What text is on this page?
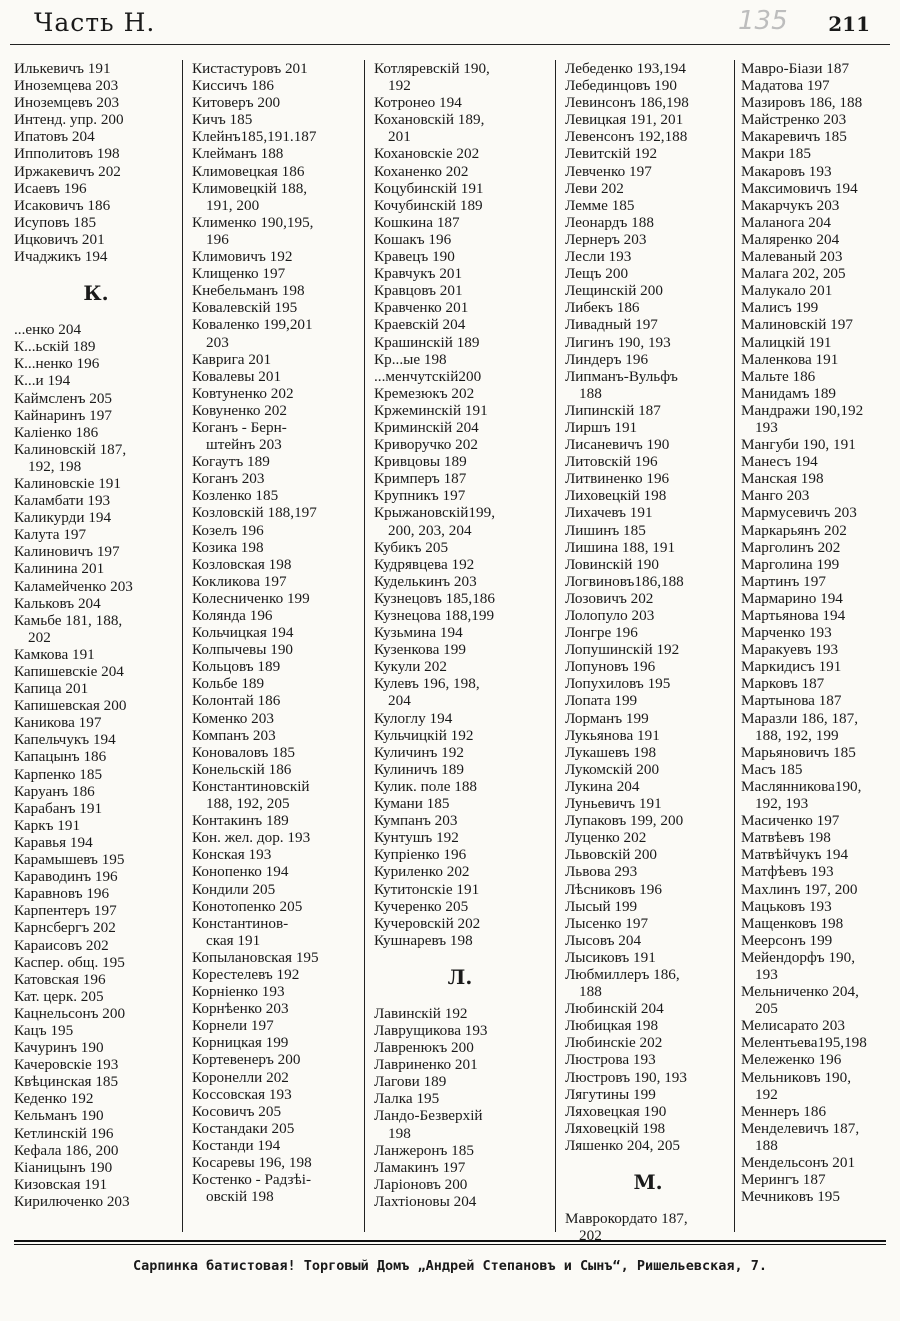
Часть Н.	135 211
Илькевичъ 191
Иноземцева 203
Иноземцевъ 203
Интенд. упр. 200
Ипатовъ 204
Ипполитовъ 198
Иржакевичъ 202
Исаевъ 196
Исаковичъ 186
Исуповъ 185
Ицковичъ 201
Ичаджикъ 194
К.
...енко 204
К...ьскій 189
К...ненко 196
К...и 194
Каймсленъ 205
Кайнаринъ 197
Каліенко 186
Калиновскій 187,
192, 198
Калиновскіе 191
Каламбати 193
Каликурди 194
Калута 197
Калиновичъ 197
Калинина 201
Каламейченко 203
Кальковъ 204
Камьбе 181, 188,
202
Камкова 191
Капишевскіе 204
Капица 201
Капишевская 200
Каникова 197
Капельчукъ 194
Капацынъ 186
Карпенко 185
Каруанъ 186
Карабанъ 191
Каркъ 191
Каравья 194
Карамышевъ 195
Караводинъ 196
Каравновъ 196
Карпентеръ 197
Карнсбергъ 202
Караисовъ 202
Каспер. общ. 195
Катовская 196
Кат. церк. 205
Кацнельсонъ 200
Кацъ 195
Качуринъ 190
Качеровскіе 193
Квѣцинская 185
Кеденко 192
Кельманъ 190
Кетлинскій 196
Кефала 186, 200
Кіаницынъ 190
Кизовская 191
Кирилюченко 203
Кистастуровъ 201
Киссичъ 186
Китоверъ 200
Кичъ 185
Клейнъ185,191.187
Клейманъ 188
Климовецкая 186
Климовецкій 188,
191, 200
Клименко 190,195,
196
Климовичъ 192
Клищенко 197
Кнебельманъ 198
Ковалевскій 195
Коваленко 199,201
203
Каврига 201
Ковалевы 201
Ковтуненко 202
Ковуненко 202
Коганъ - Берн-
штейнъ 203
Когаутъ 189
Коганъ 203
Козленко 185
Козловскій 188,197
Козелъ 196
Козика 198
Козловская 198
Кокликова 197
Колесниченко 199
Колянда 196
Кольчицкая 194
Колпычевы 190
Кольцовъ 189
Кольбе 189
Колонтай 186
Коменко 203
Компанъ 203
Коноваловъ 185
Конельскій 186
Константиновскій
188, 192, 205
Контакинъ 189
Кон. жел. дор. 193
Конская 193
Конопенко 194
Кондили 205
Конотопенко 205
Константинов-
ская 191
Копылановская 195
Корестелевъ 192
Корнiенко 193
Корнѣенко 203
Корнели 197
Корницкая 199
Кортевенеръ 200
Коронелли 202
Коссовская 193
Косовичъ 205
Костандаки 205
Костанди 194
Косаревы 196, 198
Костенко - Радзѣі-
овскій 198
Котляревскій 190,
192
Котронео 194
Кохановскій 189,
201
Кохановскіе 202
Коханенко 202
Коцубинскій 191
Кочубинскій 189
Кошкина 187
Кошакъ 196
Кравецъ 190
Кравчукъ 201
Кравцовъ 201
Кравченко 201
Краевскій 204
Крашинскій 189
Кр...ые 198
...менчутскій200
Кремезюкъ 202
Кржеминскій 191
Криминскій 204
Криворучко 202
Кривцовы 189
Кримперъ 187
Крупникъ 197
Крыжановскій199,
200, 203, 204
Кубикъ 205
Кудрявцева 192
Куделькинъ 203
Кузнецовъ 185,186
Кузнецова 188,199
Кузьмина 194
Кузенкова 199
Кукули 202
Кулевъ 196, 198,
204
Кулоглу 194
Кульчицкій 192
Куличинъ 192
Кулиничъ 189
Кулик. поле 188
Кумани 185
Кумпанъ 203
Кунтушъ 192
Купріенко 196
Куриленко 202
Кутитонскіе 191
Кучеренко 205
Кучеровскій 202
Кушнаревъ 198
Л.
Лавинскій 192
Лаврущикова 193
Лавренюкъ 200
Лавриненко 201
Лагови 189
Лалка 195
Ландо-Безверхій
198
Ланжеронъ 185
Ламакинъ 197
Ларіоновъ 200
Лахтіоновы 204
Лебеденко 193,194
Лебединцовъ 190
Левинсонъ 186,198
Левицкая 191, 201
Левенсонъ 192,188
Левитскій 192
Левченко 197
Леви 202
Лемме 185
Леонардъ 188
Лернеръ 203
Лесли 193
Лещъ 200
Лещинскій 200
Либекъ 186
Ливадный 197
Лигинъ 190, 193
Линдеръ 196
Липманъ-Вульфъ
188
Липинскій 187
Лиршъ 191
Лисаневичъ 190
Литовскій 196
Литвиненко 196
Лиховецкій 198
Лихачевъ 191
Лишинъ 185
Лишина 188, 191
Ловинскій 190
Логвиновъ186,188
Лозовичъ 202
Лолопуло 203
Лонгре 196
Лопушинскій 192
Лопуновъ 196
Лопухиловъ 195
Лопата 199
Лорманъ 199
Лукьянова 191
Лукашевъ 198
Лукомскій 200
Лукина 204
Луньевичъ 191
Лупаковъ 199, 200
Луценко 202
Львовскій 200
Львова 293
Лѣсниковъ 196
Лысый 199
Лысенко 197
Лысовъ 204
Лысиковъ 191
Любмиллеръ 186,
188
Любинскій 204
Любицкая 198
Любинскіе 202
Люстрова 193
Люстровъ 190, 193
Лягутины 199
Ляховецкая 190
Ляховецкій 198
Ляшенко 204, 205
М.
Маврокордато 187,
202
Мавро-Біази 187
Мадатова 197
Мазировъ 186, 188
Майстренко 203
Макаревичъ 185
Макри 185
Макаровъ 193
Максимовичъ 194
Макарчукъ 203
Маланога 204
Маляренко 204
Малеваный 203
Малага 202, 205
Малукало 201
Малисъ 199
Малиновскій 197
Малицкій 191
Маленкова 191
Мальте 186
Манидамъ 189
Мандражи 190,192
193
Мангуби 190, 191
Манесъ 194
Манская 198
Манго 203
Мармусевичъ 203
Маркарьянъ 202
Марголинъ 202
Марголина 199
Мартинъ 197
Мармарино 194
Мартьянова 194
Марченко 193
Маракуевъ 193
Маркидисъ 191
Марковъ 187
Мартынова 187
Маразли 186, 187,
188, 192, 199
Марьяновичъ 185
Масъ 185
Маслянникова190,
192, 193
Масиченко 197
Матвѣевъ 198
Матвѣйчукъ 194
Матфѣевъ 193
Махлинъ 197, 200
Мацьковъ 193
Мащенковъ 198
Меерсонъ 199
Мейендорфъ 190,
193
Мельниченко 204,
205
Мелисарато 203
Мелентьева195,198
Мележенко 196
Мельниковъ 190,
192
Меннеръ 186
Менделевичъ 187,
188
Мендельсонъ 201
Мерингъ 187
Мечниковъ 195
Сарпинка батистовая! Торговый Домъ „Андрей Степановъ и Сынъ“, Ришельевская, 7.
